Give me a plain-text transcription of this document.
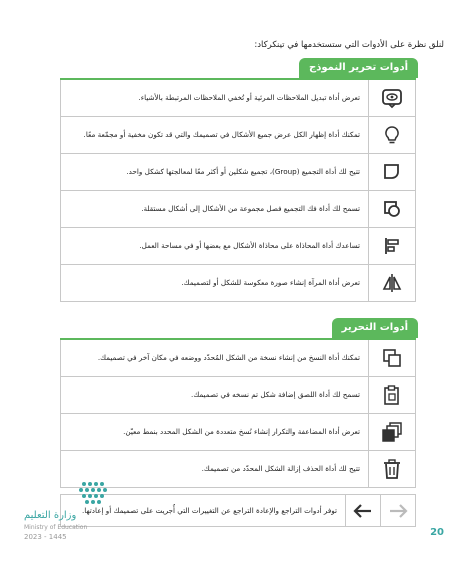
لنلق نظرة على الأدوات التي ستستخدمها في تينكركاد:
أدوات تحرير النموذج
تعرض أداة تبديل الملاحظات المرئية أو تُخفي الملاحظات المرتبطة بالأشياء.	

تمكنك أداة إظهار الكل عرض جميع الأشكال في تصميمك والتي قد تكون مخفية أو مجمّعة معًا.	

تتيح لك أداة التجميع (Group)، تجميع شكلين أو أكثر معًا لمعالجتها كشكل واحد.	

تسمح لك أداة فك التجميع فصل مجموعة من الأشكال إلى أشكال مستقلة.	

تساعدك أداة المحاذاة على محاذاة الأشكال مع بعضها أو في مساحة العمل.	

تعرض أداة المرآة إنشاء صورة معكوسة للشكل أو لتصميمك.	
أدوات التحرير
تمكنك أداة النسخ من إنشاء نسخة من الشكل المُحدّد ووضعه في مكان آخر في تصميمك.	

تسمح لك أداة اللصق إضافة شكل تم نسخه في تصميمك.	

تعرض أداة المضاعفة والتكرار إنشاء نُسخ متعددة من الشكل المحدد بنمط معيّن.	

تتيح لك أداة الحذف إزالة الشكل المحدّد من تصميمك.	
توفر أدوات التراجع والإعادة التراجع عن التغييرات التي أُجريت على تصميمك أو إعادتها.	

وزارة التعليم
Ministry of Education
2023 - 1445	20
